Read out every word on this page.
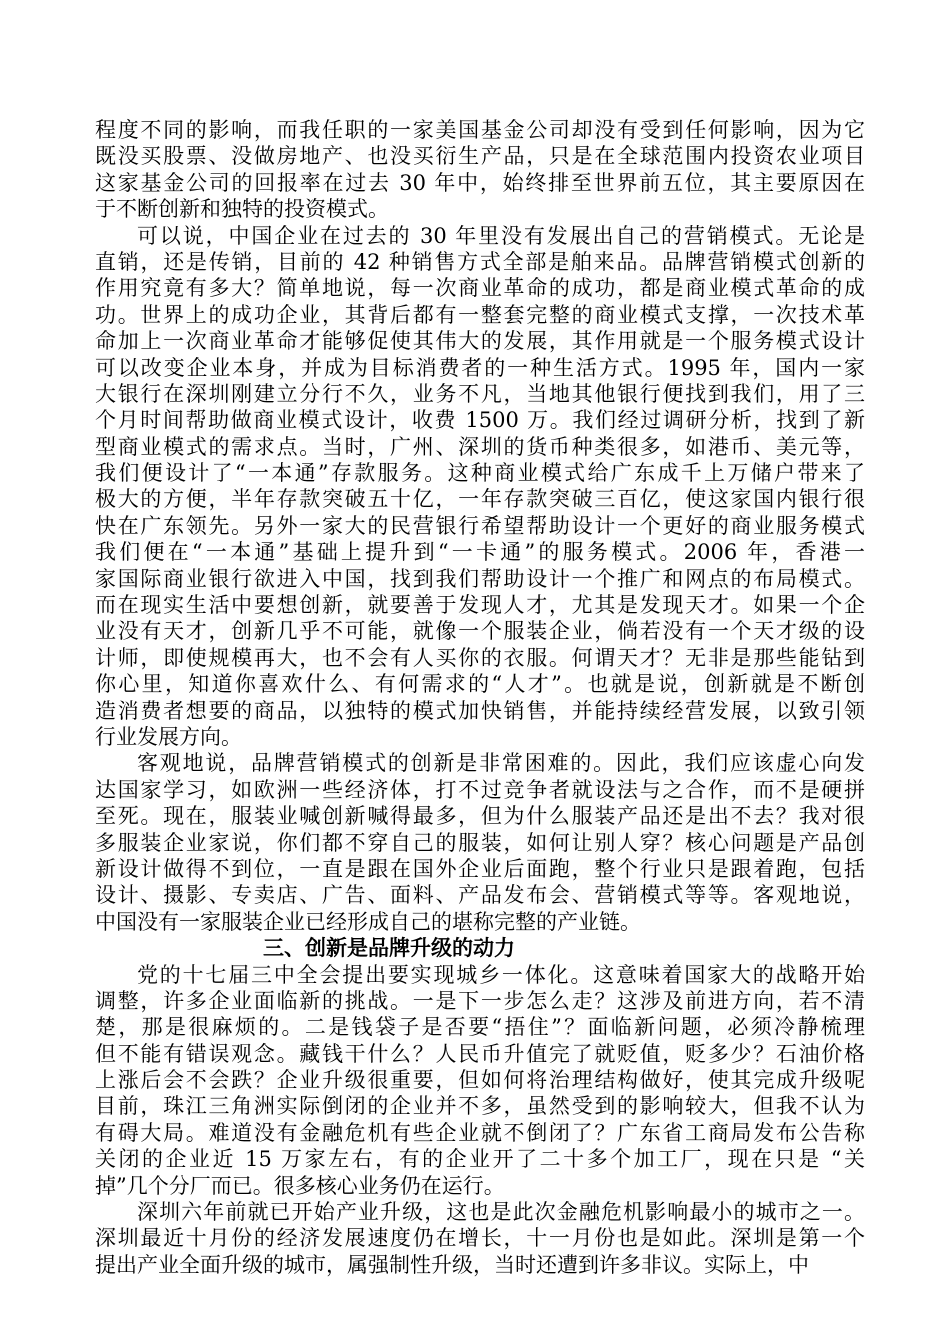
程度不同的影响，而我任职的一家美国基金公司却没有受到任何影响，因为它
既没买股票、没做房地产、也没买衍生产品，只是在全球范围内投资农业项目
这家基金公司的回报率在过去 30 年中，始终排至世界前五位，其主要原因在
于不断创新和独特的投资模式。
可以说，中国企业在过去的 30 年里没有发展出自己的营销模式。无论是
直销，还是传销，目前的 42 种销售方式全部是舶来品。品牌营销模式创新的
作用究竟有多大？简单地说，每一次商业革命的成功，都是商业模式革命的成
功。世界上的成功企业，其背后都有一整套完整的商业模式支撑，一次技术革
命加上一次商业革命才能够促使其伟大的发展，其作用就是一个服务模式设计
可以改变企业本身，并成为目标消费者的一种生活方式。1995 年，国内一家
大银行在深圳刚建立分行不久，业务不凡，当地其他银行便找到我们，用了三
个月时间帮助做商业模式设计，收费 1500 万。我们经过调研分析，找到了新
型商业模式的需求点。当时，广州、深圳的货币种类很多，如港币、美元等，
我们便设计了“一本通”存款服务。这种商业模式给广东成千上万储户带来了
极大的方便，半年存款突破五十亿，一年存款突破三百亿，使这家国内银行很
快在广东领先。另外一家大的民营银行希望帮助设计一个更好的商业服务模式
我们便在“一本通”基础上提升到“一卡通”的服务模式。2006 年，香港一
家国际商业银行欲进入中国，找到我们帮助设计一个推广和网点的布局模式。
而在现实生活中要想创新，就要善于发现人才，尤其是发现天才。如果一个企
业没有天才，创新几乎不可能，就像一个服装企业，倘若没有一个天才级的设
计师，即使规模再大，也不会有人买你的衣服。何谓天才？无非是那些能钻到
你心里，知道你喜欢什么、有何需求的“人才”。也就是说，创新就是不断创
造消费者想要的商品，以独特的模式加快销售，并能持续经营发展，以致引领
行业发展方向。
客观地说，品牌营销模式的创新是非常困难的。因此，我们应该虚心向发
达国家学习，如欧洲一些经济体，打不过竞争者就设法与之合作，而不是硬拼
至死。现在，服装业喊创新喊得最多，但为什么服装产品还是出不去？我对很
多服装企业家说，你们都不穿自己的服装，如何让别人穿？核心问题是产品创
新设计做得不到位，一直是跟在国外企业后面跑，整个行业只是跟着跑，包括
设计、摄影、专卖店、广告、面料、产品发布会、营销模式等等。客观地说，
中国没有一家服装企业已经形成自己的堪称完整的产业链。
三、创新是品牌升级的动力
党的十七届三中全会提出要实现城乡一体化。这意味着国家大的战略开始
调整，许多企业面临新的挑战。一是下一步怎么走？这涉及前进方向，若不清
楚，那是很麻烦的。二是钱袋子是否要“捂住”？面临新问题，必须冷静梳理
但不能有错误观念。藏钱干什么？人民币升值完了就贬值，贬多少？石油价格
上涨后会不会跌？企业升级很重要，但如何将治理结构做好，使其完成升级呢
目前，珠江三角洲实际倒闭的企业并不多，虽然受到的影响较大，但我不认为
有碍大局。难道没有金融危机有些企业就不倒闭了？广东省工商局发布公告称
关闭的企业近 15 万家左右，有的企业开了二十多个加工厂，现在只是 “关
掉”几个分厂而已。很多核心业务仍在运行。
深圳六年前就已开始产业升级，这也是此次金融危机影响最小的城市之一。
深圳最近十月份的经济发展速度仍在增长，十一月份也是如此。深圳是第一个
提出产业全面升级的城市，属强制性升级，当时还遭到许多非议。实际上，中
